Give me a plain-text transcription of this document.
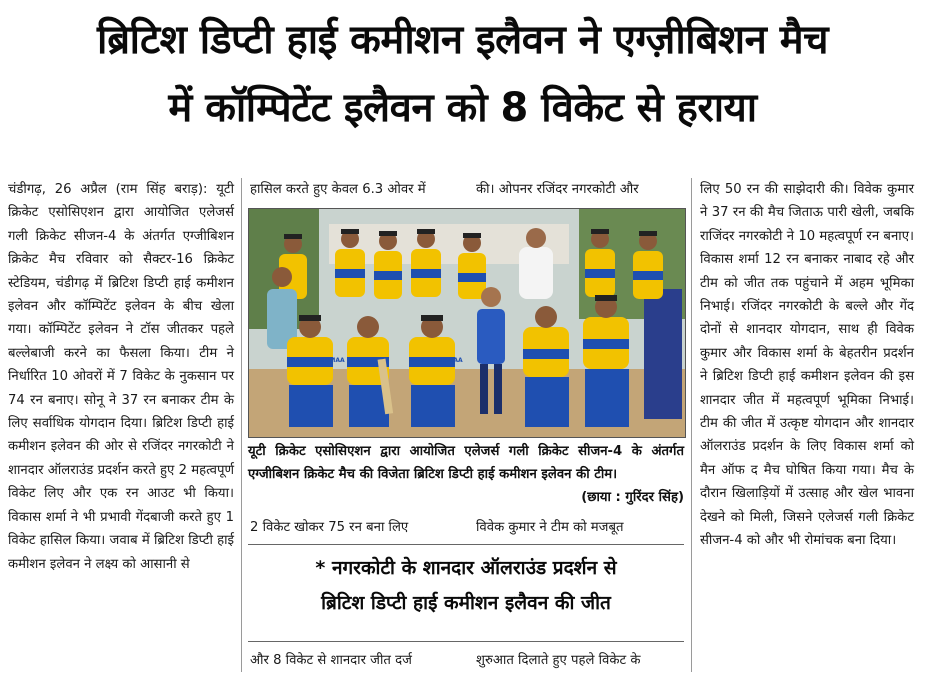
ब्रिटिश डिप्टी हाई कमीशन इलैवन ने एग्ज़ीबिशन मैच
में कॉम्पिटेंट इलैवन को 8 विकेट से हराया
चंडीगढ़, 26 अप्रैल (राम सिंह बराड़): यूटी क्रिकेट एसोसिएशन द्वारा आयोजित एलेजर्स गली क्रिकेट सीजन-4 के अंतर्गत एग्जीबिशन क्रिकेट मैच रविवार को सैक्टर-16 क्रिकेट स्टेडियम, चंडीगढ़ में ब्रिटिश डिप्टी हाई कमीशन इलेवन और कॉम्पिटेंट इलेवन के बीच खेला गया। कॉम्पिटेंट इलेवन ने टॉस जीतकर पहले बल्लेबाजी करने का फैसला किया। टीम ने निर्धारित 10 ओवरों में 7 विकेट के नुकसान पर 74 रन बनाए। सोनू ने 37 रन बनाकर टीम के लिए सर्वाधिक योगदान दिया। ब्रिटिश डिप्टी हाई कमीशन इलेवन की ओर से रजिंदर नगरकोटी ने शानदार ऑलराउंड प्रदर्शन करते हुए 2 महत्वपूर्ण विकेट लिए और एक रन आउट भी किया। विकास शर्मा ने भी प्रभावी गेंदबाजी करते हुए 1 विकेट हासिल किया। जवाब में ब्रिटिश डिप्टी हाई कमीशन इलेवन ने लक्ष्य को आसानी से
हासिल करते हुए केवल 6.3 ओवर में	की। ओपनर रजिंदर नगरकोटी और
BALLA GHUMAA	BALLA GHUMAA
यूटी क्रिकेट एसोसिएशन द्वारा आयोजित एलेजर्स गली क्रिकेट सीजन-4 के अंतर्गत एग्जीबिशन क्रिकेट मैच की विजेता ब्रिटिश डिप्टी हाई कमीशन इलेवन की टीम।
(छाया : गुरिंदर सिंह)
2 विकेट खोकर 75 रन बना लिए	विवेक कुमार ने टीम को मजबूत
* नगरकोटी के शानदार ऑलराउंड प्रदर्शन से
ब्रिटिश डिप्टी हाई कमीशन इलैवन की जीत
और 8 विकेट से शानदार जीत दर्ज	शुरुआत दिलाते हुए पहले विकेट के
लिए 50 रन की साझेदारी की। विवेक कुमार ने 37 रन की मैच जिताऊ पारी खेली, जबकि राजिंदर नगरकोटी ने 10 महत्वपूर्ण रन बनाए। विकास शर्मा 12 रन बनाकर नाबाद रहे और टीम को जीत तक पहुंचाने में अहम भूमिका निभाई। रजिंदर नगरकोटी के बल्ले और गेंद दोनों से शानदार योगदान, साथ ही विवेक कुमार और विकास शर्मा के बेहतरीन प्रदर्शन ने ब्रिटिश डिप्टी हाई कमीशन इलेवन की इस शानदार जीत में महत्वपूर्ण भूमिका निभाई। टीम की जीत में उत्कृष्ट योगदान और शानदार ऑलराउंड प्रदर्शन के लिए विकास शर्मा को मैन ऑफ द मैच घोषित किया गया। मैच के दौरान खिलाड़ियों में उत्साह और खेल भावना देखने को मिली, जिसने एलेजर्स गली क्रिकेट सीजन-4 को और भी रोमांचक बना दिया।
